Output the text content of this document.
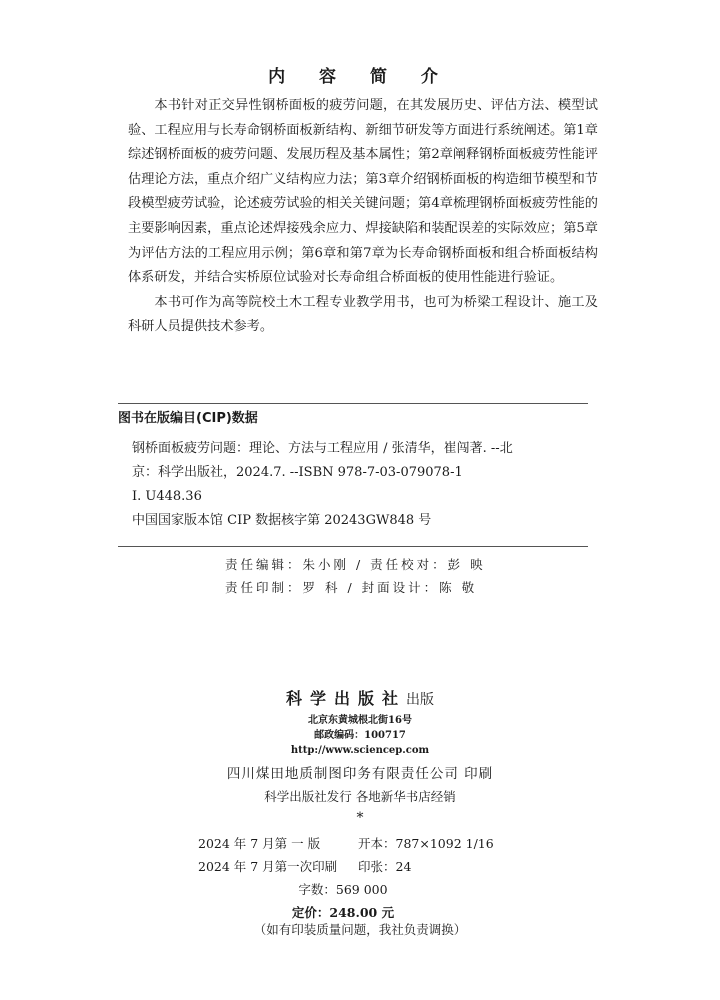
内 容 简 介

本书针对正交异性钢桥面板的疲劳问题，在其发展历史、评估方法、模型试验、工程应用与长寿命钢桥面板新结构、新细节研发等方面进行系统阐述。第1章综述钢桥面板的疲劳问题、发展历程及基本属性；第2章阐释钢桥面板疲劳性能评估理论方法，重点介绍广义结构应力法；第3章介绍钢桥面板的构造细节模型和节段模型疲劳试验，论述疲劳试验的相关关键问题；第4章梳理钢桥面板疲劳性能的主要影响因素，重点论述焊接残余应力、焊接缺陷和装配误差的实际效应；第5章为评估方法的工程应用示例；第6章和第7章为长寿命钢桥面板和组合桥面板结构体系研发，并结合实桥原位试验对长寿命组合桥面板的使用性能进行验证。

本书可作为高等院校土木工程专业教学用书，也可为桥梁工程设计、施工及科研人员提供技术参考。

图书在版编目(CIP)数据
钢桥面板疲劳问题：理论、方法与工程应用 / 张清华，崔闯著. --北
京：科学出版社，2024.7. --ISBN 978-7-03-079078-1
Ⅰ. U448.36
中国国家版本馆 CIP 数据核字第 20243GW848 号
责任编辑：朱小刚 / 责任校对：彭 映
责任印制：罗 科 / 封面设计：陈 敬
科学出版社出版
北京东黄城根北街16号
邮政编码：100717
http://www.sciencep.com
四川煤田地质制图印务有限责任公司 印刷
科学出版社发行 各地新华书店经销
*
2024 年 7 月第 一 版	开本：787×1092 1/16
2024 年 7 月第一次印刷	印张：24
字数：569 000
定价：248.00 元
（如有印装质量问题，我社负责调换）
